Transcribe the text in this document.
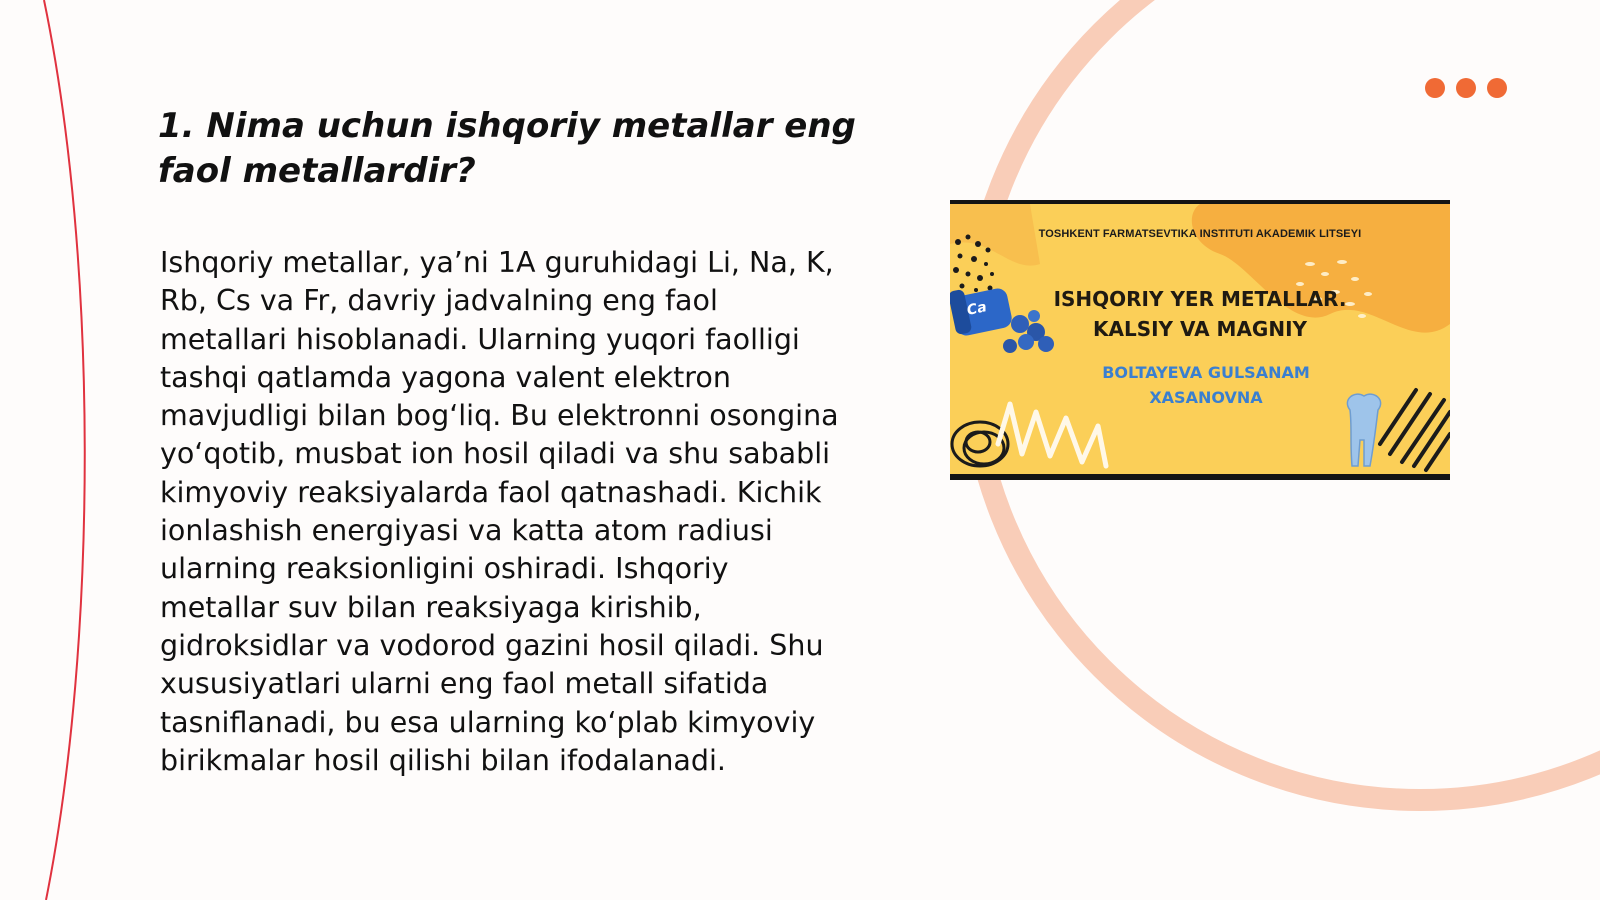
1. Nima uchun ishqoriy metallar eng faol metallardir?

Ishqoriy metallar, ya’ni 1A guruhidagi Li, Na, K, Rb, Cs va Fr, davriy jadvalning eng faol metallari hisoblanadi. Ularning yuqori faolligi tashqi qatlamda yagona valent elektron mavjudligi bilan bog‘liq. Bu elektronni osongina yo‘qotib, musbat ion hosil qiladi va shu sababli kimyoviy reaksiyalarda faol qatnashadi. Kichik ionlashish energiyasi va katta atom radiusi ularning reaksionligini oshiradi. Ishqoriy metallar suv bilan reaksiyaga kirishib, gidroksidlar va vodorod gazini hosil qiladi. Shu xususiyatlari ularni eng faol metall sifatida tasniflanadi, bu esa ularning ko‘plab kimyoviy birikmalar hosil qilishi bilan ifodalanadi.

TOSHKENT FARMATSEVTIKA INSTITUTI AKADEMIK LITSEYI
ISHQORIY YER METALLAR.
KALSIY VA MAGNIY
BOLTAYEVA GULSANAM
XASANOVNA
Ca
